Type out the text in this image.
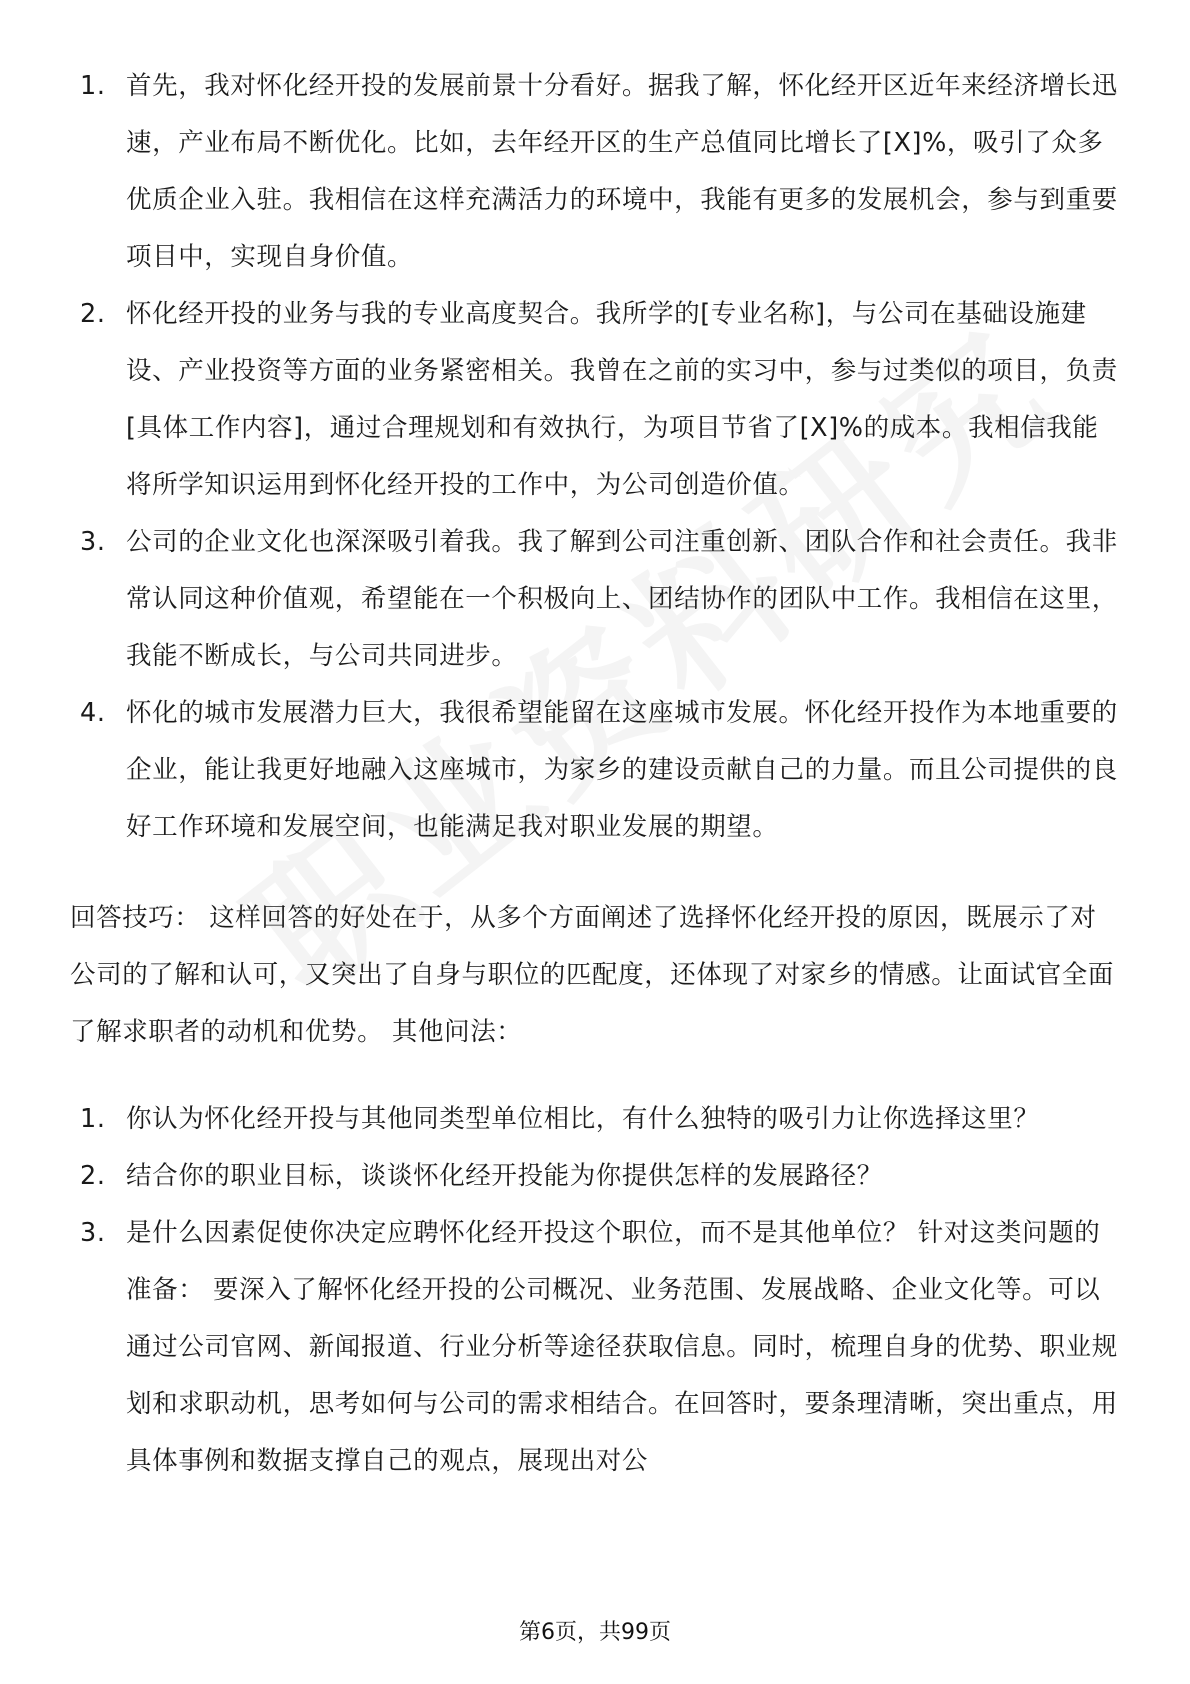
1. 首先，我对怀化经开投的发展前景十分看好。据我了解，怀化经开区近年来经济增长迅速，产业布局不断优化。比如，去年经开区的生产总值同比增长了[X]%，吸引了众多优质企业入驻。我相信在这样充满活力的环境中，我能有更多的发展机会，参与到重要项目中，实现自身价值。
2. 怀化经开投的业务与我的专业高度契合。我所学的[专业名称]，与公司在基础设施建设、产业投资等方面的业务紧密相关。我曾在之前的实习中，参与过类似的项目，负责[具体工作内容]，通过合理规划和有效执行，为项目节省了[X]%的成本。我相信我能将所学知识运用到怀化经开投的工作中，为公司创造价值。
3. 公司的企业文化也深深吸引着我。我了解到公司注重创新、团队合作和社会责任。我非常认同这种价值观，希望能在一个积极向上、团结协作的团队中工作。我相信在这里，我能不断成长，与公司共同进步。
4. 怀化的城市发展潜力巨大，我很希望能留在这座城市发展。怀化经开投作为本地重要的企业，能让我更好地融入这座城市，为家乡的建设贡献自己的力量。而且公司提供的良好工作环境和发展空间，也能满足我对职业发展的期望。

回答技巧： 这样回答的好处在于，从多个方面阐述了选择怀化经开投的原因，既展示了对公司的了解和认可，又突出了自身与职位的匹配度，还体现了对家乡的情感。让面试官全面了解求职者的动机和优势。 其他问法：

1. 你认为怀化经开投与其他同类型单位相比，有什么独特的吸引力让你选择这里？
2. 结合你的职业目标，谈谈怀化经开投能为你提供怎样的发展路径？
3. 是什么因素促使你决定应聘怀化经开投这个职位，而不是其他单位？ 针对这类问题的准备： 要深入了解怀化经开投的公司概况、业务范围、发展战略、企业文化等。可以通过公司官网、新闻报道、行业分析等途径获取信息。同时，梳理自身的优势、职业规划和求职动机，思考如何与公司的需求相结合。在回答时，要条理清晰，突出重点，用具体事例和数据支撑自己的观点，展现出对公
第6页，共99页
